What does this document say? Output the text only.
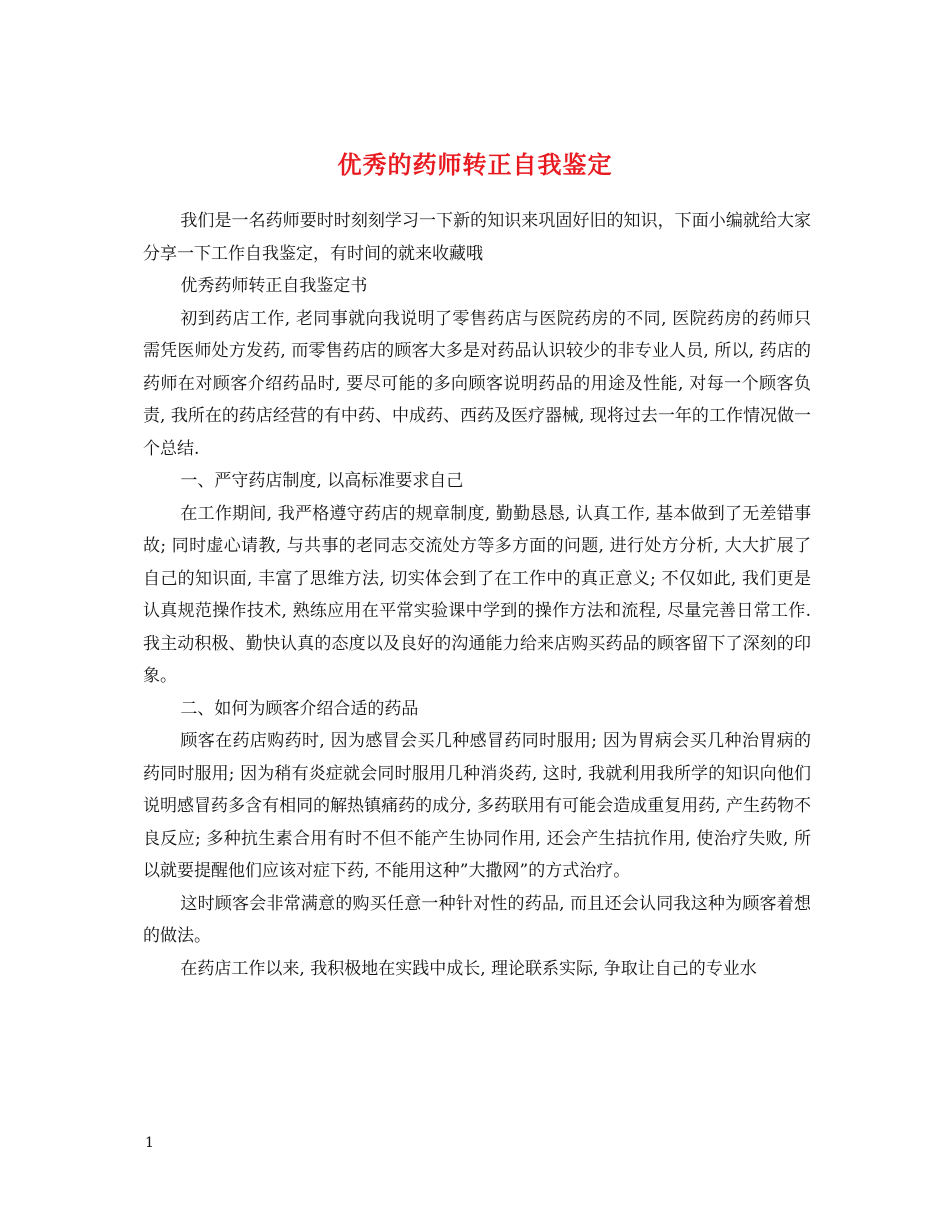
优秀的药师转正自我鉴定

我们是一名药师要时时刻刻学习一下新的知识来巩固好旧的知识，下面小编就给大家分享一下工作自我鉴定，有时间的就来收藏哦

优秀药师转正自我鉴定书

初到药店工作, 老同事就向我说明了零售药店与医院药房的不同, 医院药房的药师只需凭医师处方发药, 而零售药店的顾客大多是对药品认识较少的非专业人员, 所以, 药店的药师在对顾客介绍药品时, 要尽可能的多向顾客说明药品的用途及性能, 对每一个顾客负责, 我所在的药店经营的有中药、中成药、西药及医疗器械, 现将过去一年的工作情况做一个总结.

一、严守药店制度, 以高标准要求自己

在工作期间, 我严格遵守药店的规章制度, 勤勤恳恳, 认真工作, 基本做到了无差错事故; 同时虚心请教, 与共事的老同志交流处方等多方面的问题, 进行处方分析, 大大扩展了自己的知识面, 丰富了思维方法, 切实体会到了在工作中的真正意义; 不仅如此, 我们更是认真规范操作技术, 熟练应用在平常实验课中学到的操作方法和流程, 尽量完善日常工作. 我主动积极、勤快认真的态度以及良好的沟通能力给来店购买药品的顾客留下了深刻的印象。

二、如何为顾客介绍合适的药品

顾客在药店购药时, 因为感冒会买几种感冒药同时服用; 因为胃病会买几种治胃病的药同时服用; 因为稍有炎症就会同时服用几种消炎药, 这时, 我就利用我所学的知识向他们说明感冒药多含有相同的解热镇痛药的成分, 多药联用有可能会造成重复用药, 产生药物不良反应; 多种抗生素合用有时不但不能产生协同作用, 还会产生拮抗作用, 使治疗失败, 所以就要提醒他们应该对症下药, 不能用这种”大撒网”的方式治疗。

这时顾客会非常满意的购买任意一种针对性的药品, 而且还会认同我这种为顾客着想的做法。

在药店工作以来, 我积极地在实践中成长, 理论联系实际, 争取让自己的专业水

1
